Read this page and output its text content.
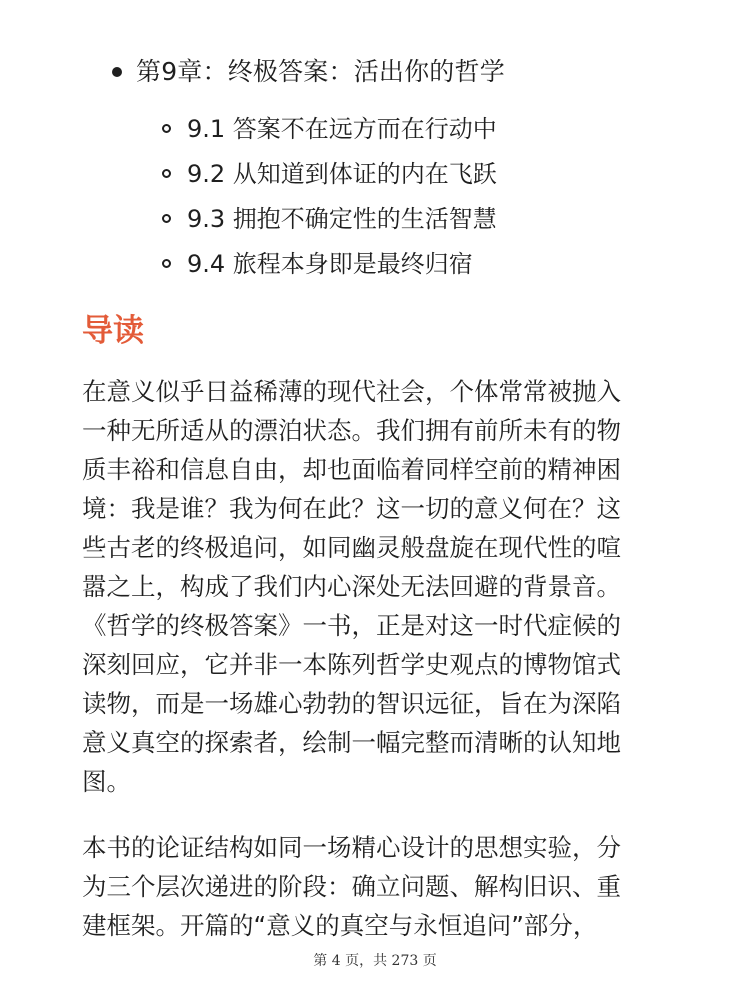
第9章：终极答案：活出你的哲学
9.1 答案不在远方而在行动中
9.2 从知道到体证的内在飞跃
9.3 拥抱不确定性的生活智慧
9.4 旅程本身即是最终归宿
导读
在意义似乎日益稀薄的现代社会，个体常常被抛入
一种无所适从的漂泊状态。我们拥有前所未有的物
质丰裕和信息自由，却也面临着同样空前的精神困
境：我是谁？我为何在此？这一切的意义何在？这
些古老的终极追问，如同幽灵般盘旋在现代性的喧
嚣之上，构成了我们内心深处无法回避的背景音。
《哲学的终极答案》一书，正是对这一时代症候的
深刻回应，它并非一本陈列哲学史观点的博物馆式
读物，而是一场雄心勃勃的智识远征，旨在为深陷
意义真空的探索者，绘制一幅完整而清晰的认知地
图。
本书的论证结构如同一场精心设计的思想实验，分
为三个层次递进的阶段：确立问题、解构旧识、重
建框架。开篇的“意义的真空与永恒追问”部分，
第 4 页，共 273 页
